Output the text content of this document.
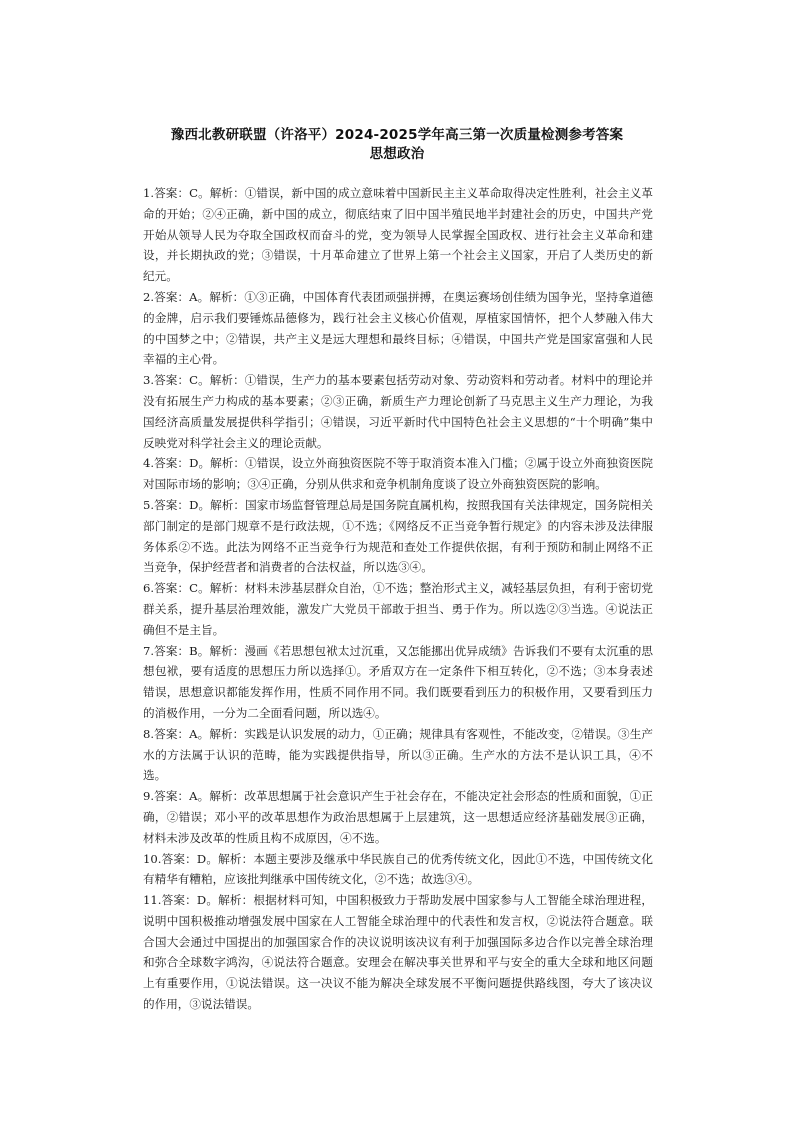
豫西北教研联盟（许洛平）2024-2025学年高三第一次质量检测参考答案
思想政治

1.答案：C。解析：①错误，新中国的成立意味着中国新民主主义革命取得决定性胜利，社会主义革命的开始；②④正确，新中国的成立，彻底结束了旧中国半殖民地半封建社会的历史，中国共产党开始从领导人民为夺取全国政权而奋斗的党，变为领导人民掌握全国政权、进行社会主义革命和建设，并长期执政的党；③错误，十月革命建立了世界上第一个社会主义国家，开启了人类历史的新纪元。

2.答案：A。解析：①③正确，中国体育代表团顽强拼搏，在奥运赛场创佳绩为国争光，坚持拿道德的金牌，启示我们要锤炼品德修为，践行社会主义核心价值观，厚植家国情怀，把个人梦融入伟大的中国梦之中；②错误，共产主义是远大理想和最终目标；④错误，中国共产党是国家富强和人民幸福的主心骨。

3.答案：C。解析：①错误，生产力的基本要素包括劳动对象、劳动资料和劳动者。材料中的理论并没有拓展生产力构成的基本要素；②③正确，新质生产力理论创新了马克思主义生产力理论，为我国经济高质量发展提供科学指引；④错误，习近平新时代中国特色社会主义思想的“十个明确”集中反映党对科学社会主义的理论贡献。

4.答案：D。解析：①错误，设立外商独资医院不等于取消资本准入门槛；②属于设立外商独资医院对国际市场的影响；③④正确，分别从供求和竞争机制角度谈了设立外商独资医院的影响。

5.答案：D。解析：国家市场监督管理总局是国务院直属机构，按照我国有关法律规定，国务院相关部门制定的是部门规章不是行政法规，①不选；《网络反不正当竞争暂行规定》的内容未涉及法律服务体系②不选。此法为网络不正当竞争行为规范和查处工作提供依据，有利于预防和制止网络不正当竞争，保护经营者和消费者的合法权益，所以选③④。

6.答案：C。解析：材料未涉基层群众自治，①不选；整治形式主义，减轻基层负担，有利于密切党群关系，提升基层治理效能，激发广大党员干部敢于担当、勇于作为。所以选②③当选。④说法正确但不是主旨。

7.答案：B。解析：漫画《若思想包袱太过沉重，又怎能挪出优异成绩》告诉我们不要有太沉重的思想包袱，要有适度的思想压力所以选择①。矛盾双方在一定条件下相互转化，②不选；③本身表述错误，思想意识都能发挥作用，性质不同作用不同。我们既要看到压力的积极作用，又要看到压力的消极作用，一分为二全面看问题，所以选④。

8.答案：A。解析：实践是认识发展的动力，①正确；规律具有客观性，不能改变，②错误。③生产水的方法属于认识的范畴，能为实践提供指导，所以③正确。生产水的方法不是认识工具，④不选。

9.答案：A。解析：改革思想属于社会意识产生于社会存在，不能决定社会形态的性质和面貌，①正确，②错误；邓小平的改革思想作为政治思想属于上层建筑，这一思想适应经济基础发展③正确，材料未涉及改革的性质且构不成原因，④不选。

10.答案：D。解析：本题主要涉及继承中华民族自己的优秀传统文化，因此①不选，中国传统文化有精华有糟粕，应该批判继承中国传统文化，②不选；故选③④。

11.答案：D。解析：根据材料可知，中国积极致力于帮助发展中国家参与人工智能全球治理进程，说明中国积极推动增强发展中国家在人工智能全球治理中的代表性和发言权，②说法符合题意。联合国大会通过中国提出的加强国家合作的决议说明该决议有利于加强国际多边合作以完善全球治理和弥合全球数字鸿沟，④说法符合题意。安理会在解决事关世界和平与安全的重大全球和地区问题上有重要作用，①说法错误。这一决议不能为解决全球发展不平衡问题提供路线图，夸大了该决议的作用，③说法错误。
